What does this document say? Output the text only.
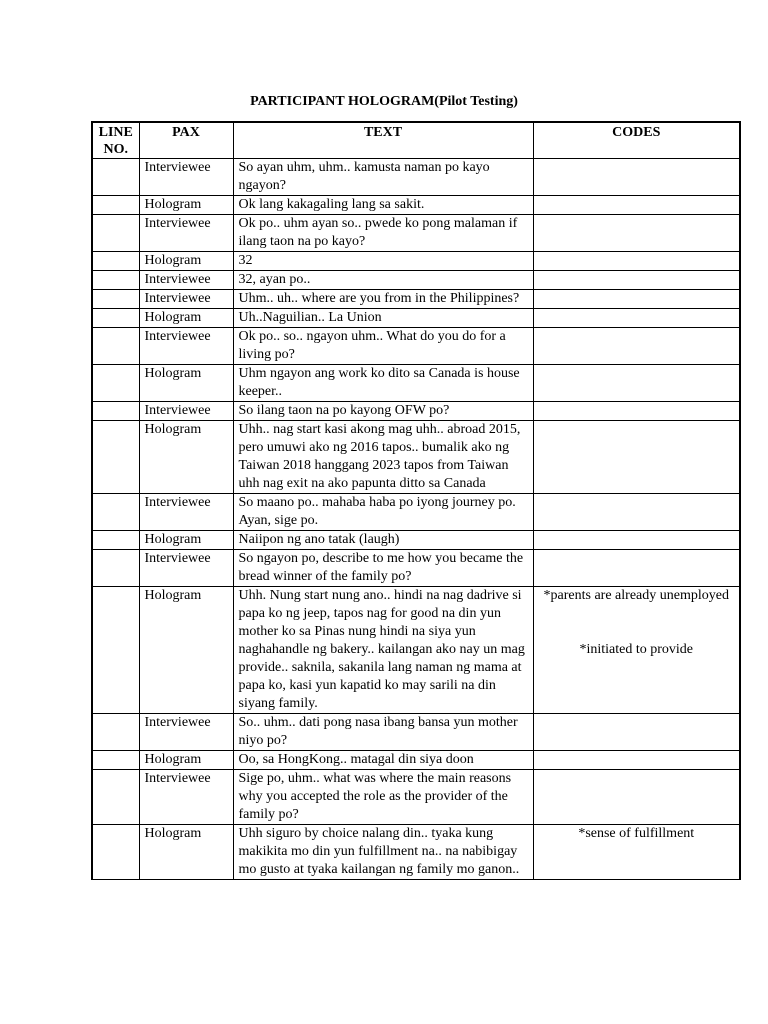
PARTICIPANT HOLOGRAM(Pilot Testing)
LINE NO.	PAX	TEXT	CODES
	Interviewee	So ayan uhm, uhm.. kamusta naman po kayo ngayon?	
	Hologram	Ok lang kakagaling lang sa sakit.	
	Interviewee	Ok po.. uhm ayan so.. pwede ko pong malaman if ilang taon na po kayo?	
	Hologram	32	
	Interviewee	32, ayan po..	
	Interviewee	Uhm.. uh.. where are you from in the Philippines?	
	Hologram	Uh..Naguilian.. La Union	
	Interviewee	Ok po.. so.. ngayon uhm.. What do you do for a living po?	
	Hologram	Uhm ngayon ang work ko dito sa Canada is house keeper..	
	Interviewee	So ilang taon na po kayong OFW po?	
	Hologram	Uhh.. nag start kasi akong mag uhh.. abroad 2015, pero umuwi ako ng 2016 tapos.. bumalik ako ng Taiwan 2018 hanggang 2023 tapos from Taiwan uhh nag exit na ako papunta ditto sa Canada	
	Interviewee	So maano po.. mahaba haba po iyong journey po. Ayan, sige po.	
	Hologram	Naiipon ng ano tatak (laugh)	
	Interviewee	So ngayon po, describe to me how you became the bread winner of the family po?	
	Hologram	Uhh. Nung start nung ano.. hindi na nag dadrive si papa ko ng jeep, tapos nag for good na din yun mother ko sa Pinas nung hindi na siya yun naghahandle ng bakery.. kailangan ako nay un mag provide.. saknila, sakanila lang naman ng mama at papa ko, kasi yun kapatid ko may sarili na din siyang family.	*parents are already unemployed
*initiated to provide

	Interviewee	So.. uhm.. dati pong nasa ibang bansa yun mother niyo po?	
	Hologram	Oo, sa HongKong.. matagal din siya doon	
	Interviewee	Sige po, uhm.. what was where the main reasons why you accepted the role as the provider of the family po?	
	Hologram	Uhh siguro by choice nalang din.. tyaka kung makikita mo din yun fulfillment na.. na nabibigay mo gusto at tyaka kailangan ng family mo ganon..	*sense of fulfillment
